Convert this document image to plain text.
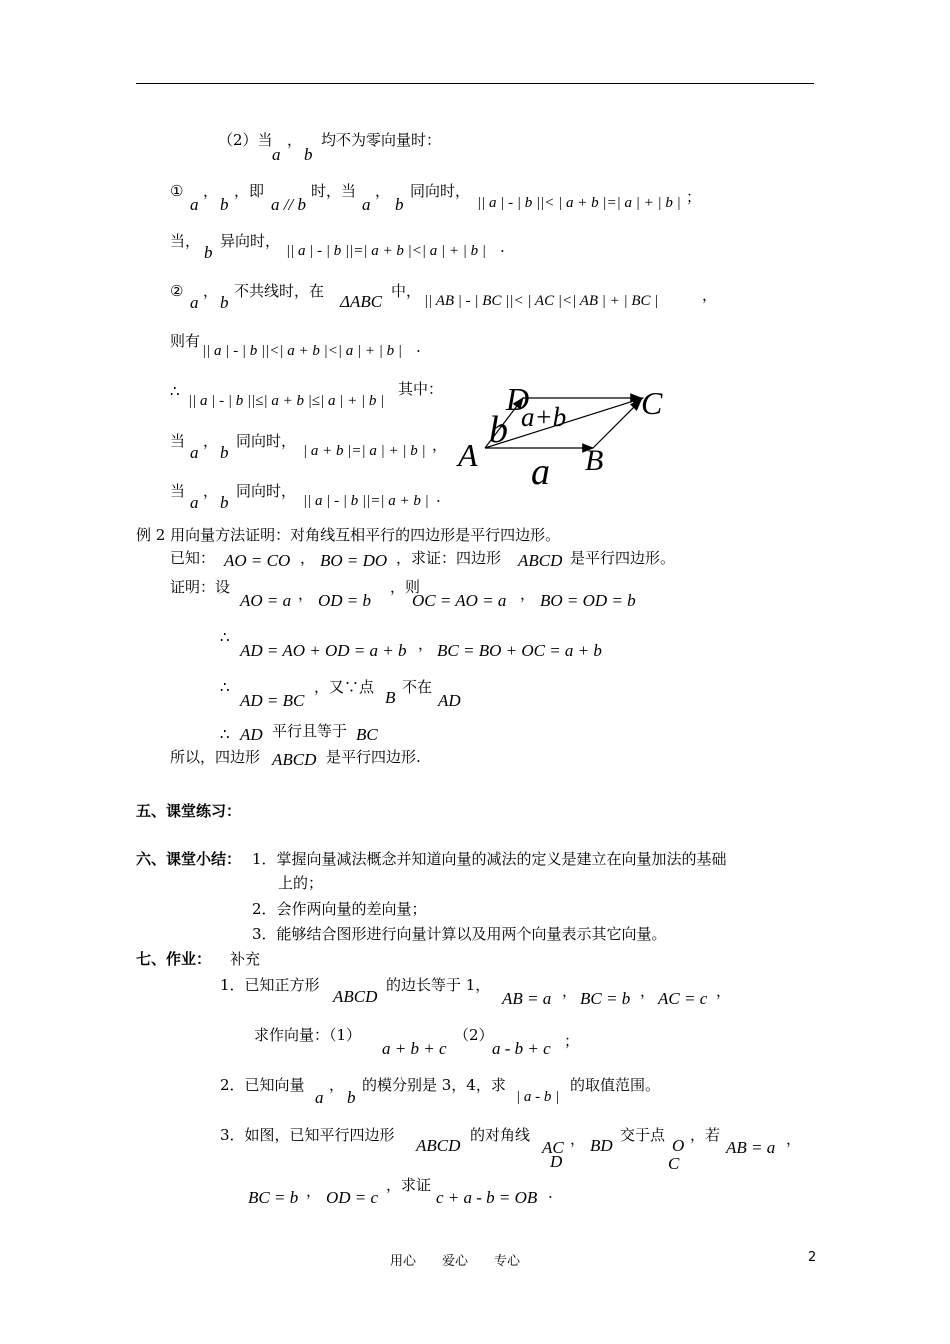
（2）当
a
，
b
均不为零向量时：
①
a
，
b
，即
a // b
时，当
a
，
b
同向时，
|| a | - | b ||< | a + b |=| a | + | b | ；
当，
b
异向时，
|| a | - | b ||=| a + b |<| a | + | b | .
②
a
，
b
不共线时，在
ΔABC
中，
|| AB | - | BC ||< | AC |<| AB | + | BC |	，
则有
|| a | - | b ||<| a + b |<| a | + | b | .
∴
|| a | - | b ||≤| a + b |≤| a | + | b |
其中：
当
a
，
b
同向时，
| a + b |=| a | + | b | ，
当
a
，
b
同向时，
|| a | - | b ||=| a + b | .
A	B
C
D
a
b a+b
例 2 用向量方法证明：对角线互相平行的四边形是平行四边形。
已知： AO = CO ， BO = DO ，求证：四边形 ABCD 是平行四边形。
证明：设
AO = a ， OD = b
，则
OC = AO = a ， BO = OD = b
∴
AD = AO + OD = a + b ， BC = BO + OC = a + b
∴
AD = BC
，又∵点
B
不在
AD
∴ AD 平行且等于 BC
所以，四边形 ABCD 是平行四边形.
五、课堂练习：
六、课堂小结： 1．掌握向量减法概念并知道向量的减法的定义是建立在向量加法的基础
上的；
2．会作两向量的差向量；
3．能够结合图形进行向量计算以及用两个向量表示其它向量。
七、作业： 补充
1．已知正方形
ABCD
的边长等于 1，
AB = a ， BC = b ， AC = c ，
求作向量：（1）
a + b + c
（2）
a - b + c ；
2．已知向量
a
，
b
的模分别是 3，4，求
| a - b |
的取值范围。
3．如图，已知平行四边形
ABCD
的对角线
AC
D
， BD
交于点
O
C
，若
AB = a ，
BC = b ， OD = c
，求证
c + a - b = OB .
用心　　爱心　　专心	2
